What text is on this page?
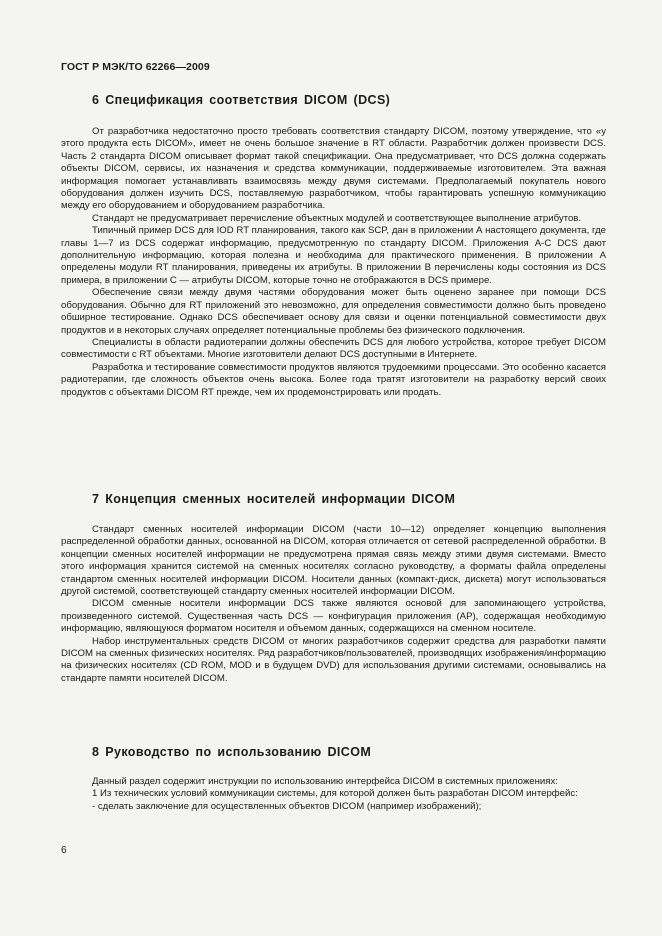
ГОСТ Р МЭК/ТО 62266—2009
6 Спецификация соответствия DICOM (DCS)

От разработчика недостаточно просто требовать соответствия стандарту DICOM, поэтому утверждение, что «у этого продукта есть DICOM», имеет не очень большое значение в RT области. Разработчик должен произвести DCS. Часть 2 стандарта DICOM описывает формат такой спецификации. Она предусматривает, что DCS должна содержать объекты DICOM, сервисы, их назначения и средства коммуникации, поддерживаемые изготовителем. Эта важная информация помогает устанавливать взаимосвязь между двумя системами. Предполагаемый покупатель нового оборудования должен изучить DCS, поставляемую разработчиком, чтобы гарантировать успешную коммуникацию между его оборудованием и оборудованием разработчика.

Стандарт не предусматривает перечисление объектных модулей и соответствующее выполнение атрибутов.

Типичный пример DCS для IOD RT планирования, такого как SCP, дан в приложении А настоящего документа, где главы 1—7 из DCS содержат информацию, предусмотренную по стандарту DICOM. Приложения А-С DCS дают дополнительную информацию, которая полезна и необходима для практического применения. В приложении А определены модули RT планирования, приведены их атрибуты. В приложении В перечислены коды состояния из DCS примера, в приложении С — атрибуты DICOM, которые точно не отображаются в DCS примере.

Обеспечение связи между двумя частями оборудования может быть оценено заранее при помощи DCS оборудования. Обычно для RT приложений это невозможно, для определения совместимости должно быть проведено обширное тестирование. Однако DCS обеспечивает основу для связи и оценки потенциальной совместимости двух продуктов и в некоторых случаях определяет потенциальные проблемы без физического подключения.

Специалисты в области радиотерапии должны обеспечить DCS для любого устройства, которое требует DICOM совместимости с RT объектами. Многие изготовители делают DCS доступными в Интернете.

Разработка и тестирование совместимости продуктов являются трудоемкими процессами. Это особенно касается радиотерапии, где сложность объектов очень высока. Более года тратят изготовители на разработку версий своих продуктов с объектами DICOM RT прежде, чем их продемонстрировать или продать.

7 Концепция сменных носителей информации DICOM

Стандарт сменных носителей информации DICOM (части 10—12) определяет концепцию выполнения распределенной обработки данных, основанной на DICOM, которая отличается от сетевой распределенной обработки. В концепции сменных носителей информации не предусмотрена прямая связь между этими двумя системами. Вместо этого информация хранится системой на сменных носителях согласно руководству, а форматы файла определены стандартом сменных носителей информации DICOM. Носители данных (компакт-диск, дискета) могут использоваться другой системой, соответствующей стандарту сменных носителей информации DICOM.

DICOM сменные носители информации DCS также являются основой для запоминающего устройства, произведенного системой. Существенная часть DCS — конфигурация приложения (AP), содержащая необходимую информацию, являющуюся форматом носителя и объемом данных, содержащихся на сменном носителе.

Набор инструментальных средств DICOM от многих разработчиков содержит средства для разработки памяти DICOM на сменных физических носителях. Ряд разработчиков/пользователей, производящих изображения/информацию на физических носителях (CD ROM, MOD и в будущем DVD) для использования другими системами, основывались на стандарте памяти носителей DICOM.

8 Руководство по использованию DICOM

Данный раздел содержит инструкции по использованию интерфейса DICOM в системных приложениях:

1 Из технических условий коммуникации системы, для которой должен быть разработан DICOM интерфейс:

- сделать заключение для осуществленных объектов DICOM (например изображений);

6
